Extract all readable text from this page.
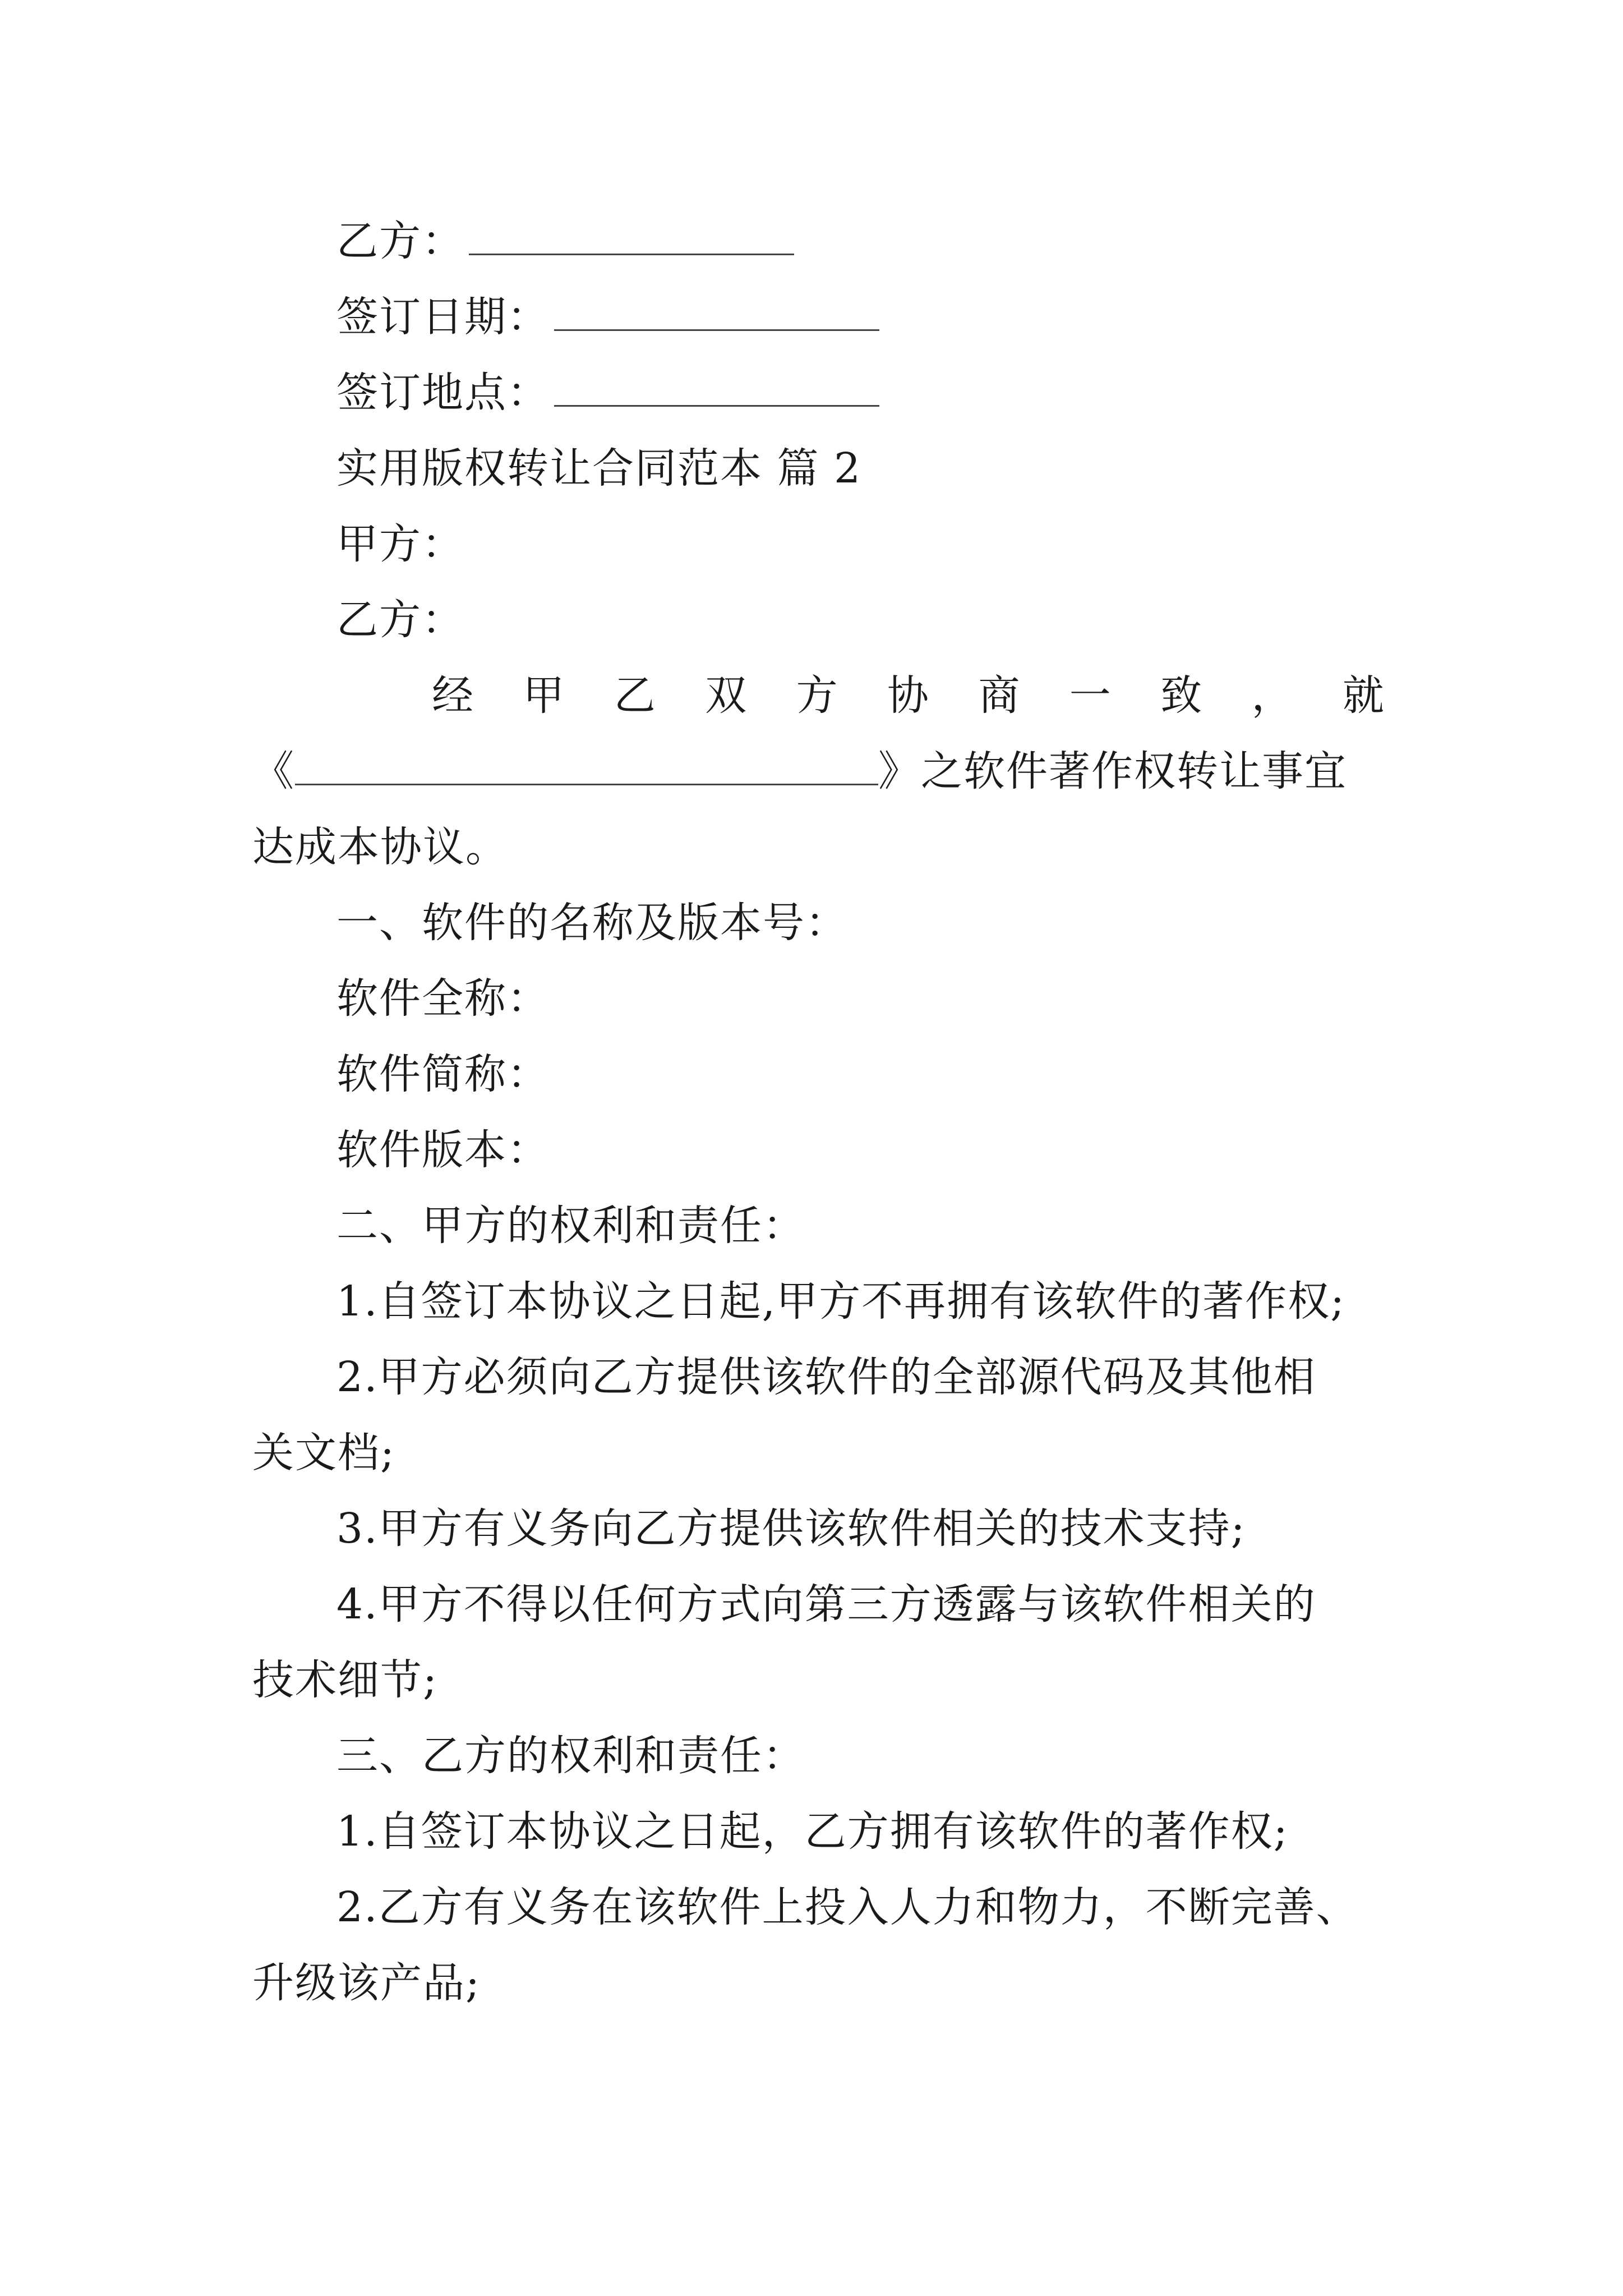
乙方：
签订日期：
签订地点：
实用版权转让合同范本 篇 2
甲方：
乙方：
经 甲 乙 双 方 协 商 一 致 ， 就
《	》之软件著作权转让事宜
达成本协议。
一、软件的名称及版本号：
软件全称：
软件简称：
软件版本：
二、甲方的权利和责任：
1.自签订本协议之日起,甲方不再拥有该软件的著作权;
2.甲方必须向乙方提供该软件的全部源代码及其他相
关文档;
3.甲方有义务向乙方提供该软件相关的技术支持;
4.甲方不得以任何方式向第三方透露与该软件相关的
技术细节;
三、乙方的权利和责任：
1.自签订本协议之日起，乙方拥有该软件的著作权;
2.乙方有义务在该软件上投入人力和物力，不断完善、
升级该产品;
